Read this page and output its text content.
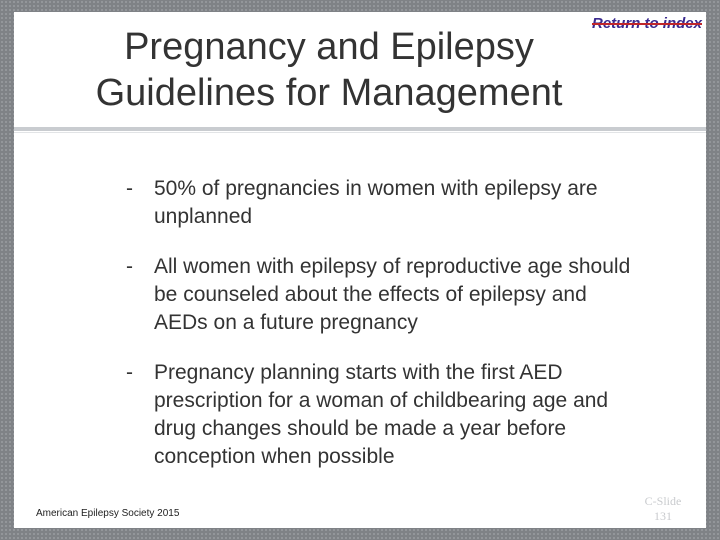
Return to index
Pregnancy and Epilepsy
Guidelines for Management
- 50% of pregnancies in women with epilepsy are unplanned
- All women with epilepsy of reproductive age should be counseled about the effects of epilepsy and AEDs on a future pregnancy
- Pregnancy planning starts with the first AED prescription for a woman of childbearing age and drug changes should be made a year before conception when possible
American Epilepsy Society 2015
C-Slide
131
